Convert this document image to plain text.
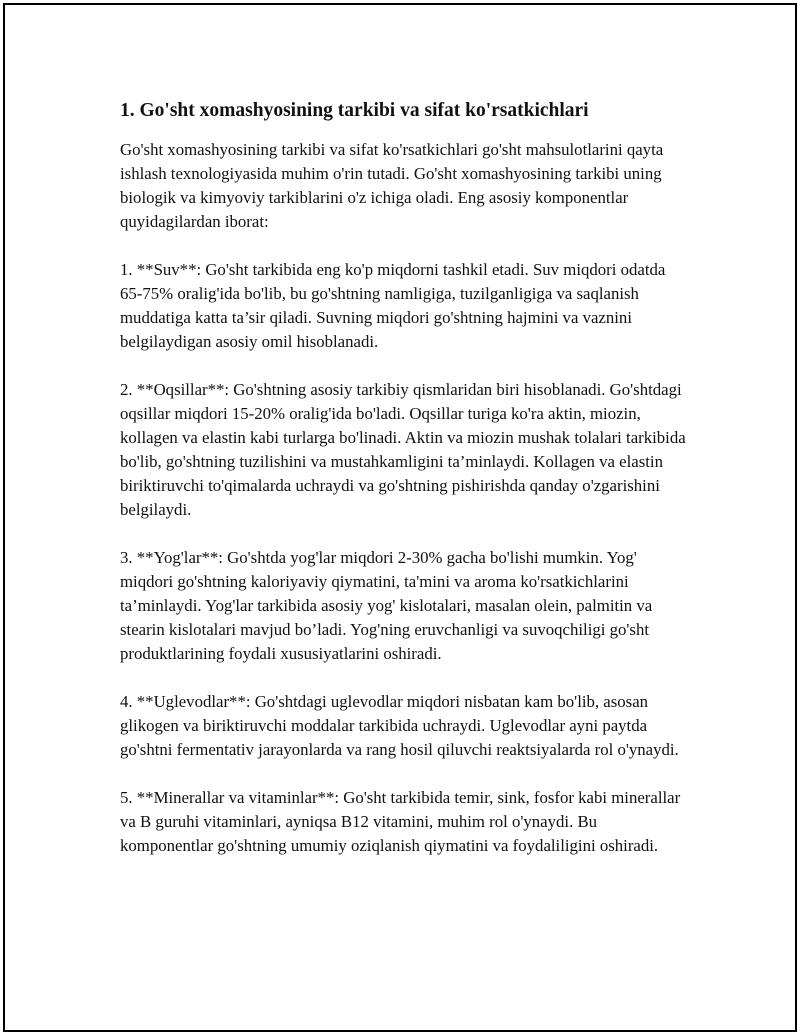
1. Go'sht xomashyosining tarkibi va sifat ko'rsatkichlari

Go'sht xomashyosining tarkibi va sifat ko'rsatkichlari go'sht mahsulotlarini qayta ishlash texnologiyasida muhim o'rin tutadi. Go'sht xomashyosining tarkibi uning biologik va kimyoviy tarkiblarini o'z ichiga oladi. Eng asosiy komponentlar quyidagilardan iborat:

1. **Suv**: Go'sht tarkibida eng ko'p miqdorni tashkil etadi. Suv miqdori odatda 65-75% oralig'ida bo'lib, bu go'shtning namligiga, tuzilganligiga va saqlanish muddatiga katta ta’sir qiladi. Suvning miqdori go'shtning hajmini va vaznini belgilaydigan asosiy omil hisoblanadi.

2. **Oqsillar**: Go'shtning asosiy tarkibiy qismlaridan biri hisoblanadi. Go'shtdagi oqsillar miqdori 15-20% oralig'ida bo'ladi. Oqsillar turiga ko'ra aktin, miozin, kollagen va elastin kabi turlarga bo'linadi. Aktin va miozin mushak tolalari tarkibida bo'lib, go'shtning tuzilishini va mustahkamligini ta’minlaydi. Kollagen va elastin biriktiruvchi to'qimalarda uchraydi va go'shtning pishirishda qanday o'zgarishini belgilaydi.

3. **Yog'lar**: Go'shtda yog'lar miqdori 2-30% gacha bo'lishi mumkin. Yog' miqdori go'shtning kaloriyaviy qiymatini, ta'mini va aroma ko'rsatkichlarini ta’minlaydi. Yog'lar tarkibida asosiy yog' kislotalari, masalan olein, palmitin va stearin kislotalari mavjud bo’ladi. Yog'ning eruvchanligi va suvoqchiligi go'sht produktlarining foydali xususiyatlarini oshiradi.

4. **Uglevodlar**: Go'shtdagi uglevodlar miqdori nisbatan kam bo'lib, asosan glikogen va biriktiruvchi moddalar tarkibida uchraydi. Uglevodlar ayni paytda go'shtni fermentativ jarayonlarda va rang hosil qiluvchi reaktsiyalarda rol o'ynaydi.

5. **Minerallar va vitaminlar**: Go'sht tarkibida temir, sink, fosfor kabi minerallar va B guruhi vitaminlari, ayniqsa B12 vitamini, muhim rol o'ynaydi. Bu komponentlar go'shtning umumiy oziqlanish qiymatini va foydaliligini oshiradi.
